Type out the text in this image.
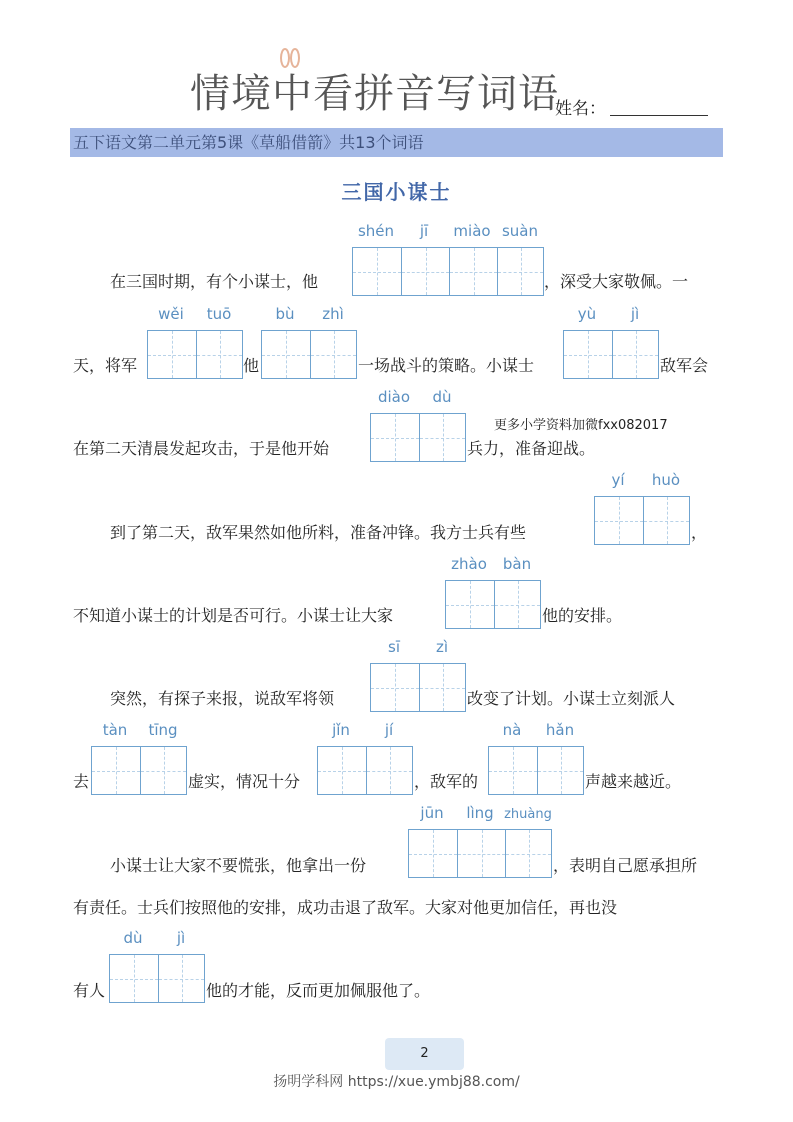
情境中看拼音写词语
姓名：
五下语文第二单元第5课《草船借箭》共13个词语
三国小谋士
在三国时期，有个小谋士，他
shén	jī	miào suàn
，深受大家敬佩。一
天，将军
wěi	tuō
他
bù	zhì
一场战斗的策略。小谋士
yù	jì
敌军会
在第二天清晨发起攻击，于是他开始
diào	dù
兵力，准备迎战。
更多小学资料加微fxx082017
到了第二天，敌军果然如他所料，准备冲锋。我方士兵有些
yí	huò
，
不知道小谋士的计划是否可行。小谋士让大家
zhào	bàn
他的安排。
突然，有探子来报，说敌军将领
sī	zì
改变了计划。小谋士立刻派人
去
tàn	tīng
虚实，情况十分
jǐn	jí
，敌军的
nà	hǎn
声越来越近。
小谋士让大家不要慌张，他拿出一份
jūn	lìng zhuàng
，表明自己愿承担所
有责任。士兵们按照他的安排，成功击退了敌军。大家对他更加信任，再也没
有人
dù	jì
他的才能，反而更加佩服他了。
2
扬明学科网 https://xue.ymbj88.com/
